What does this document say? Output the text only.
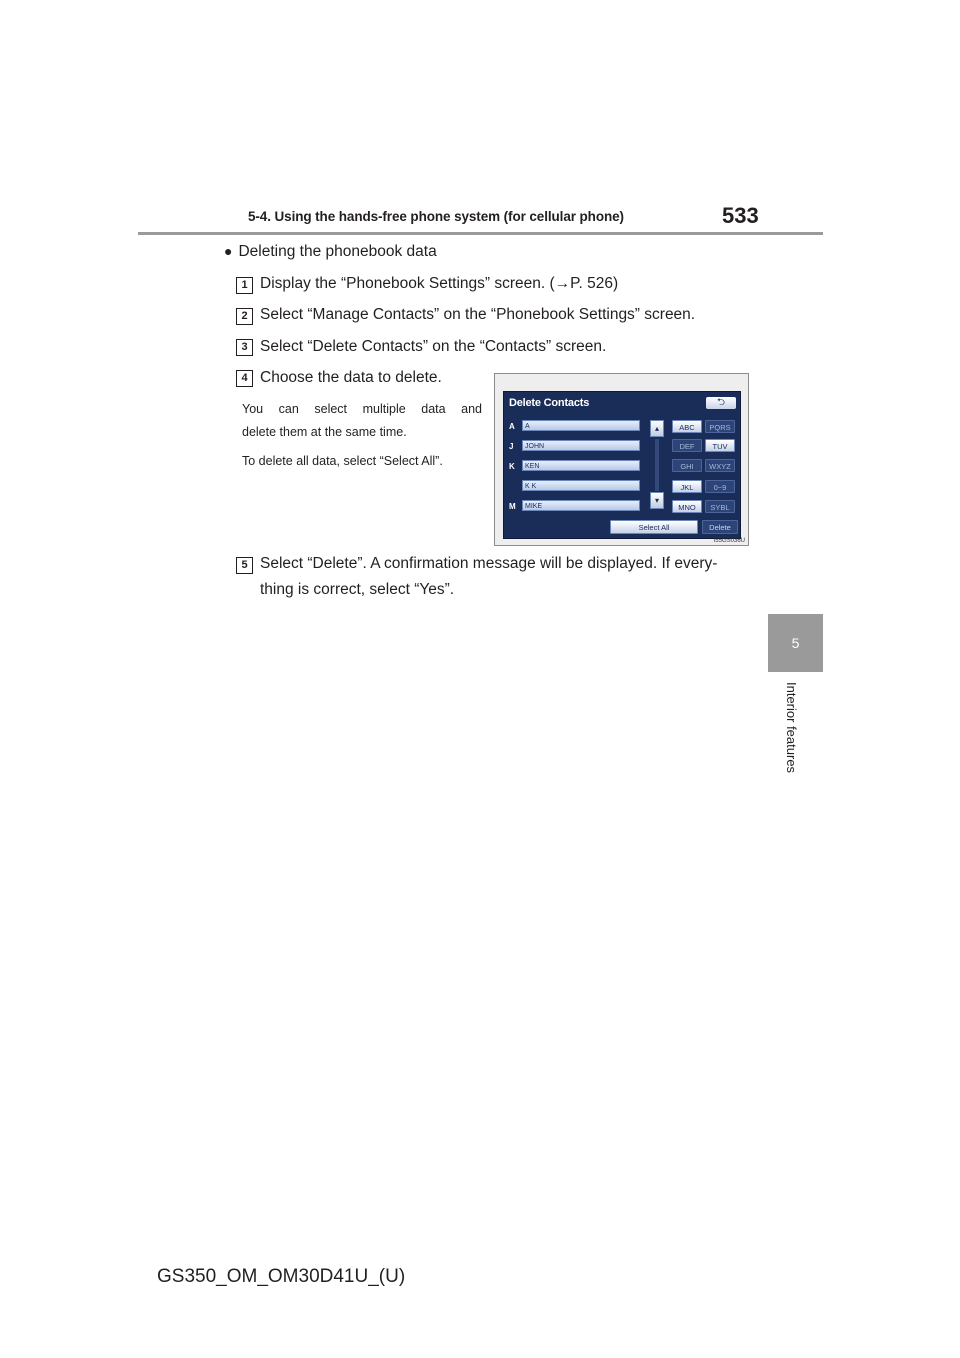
5-4. Using the hands-free phone system (for cellular phone)	533
5
Interior features
● Deleting the phonebook data
1 Display the “Phonebook Settings” screen. (→P. 526)
2 Select “Manage Contacts” on the “Phonebook Settings” screen.
3 Select “Delete Contacts” on the “Contacts” screen.
4 Choose the data to delete.
You can select multiple data and
delete them at the same time.
To delete all data, select “Select All”.
Delete Contacts	⮌
A	A
J	JOHN
K	KEN
K K
M	MIKE
▴
▾
ABC	PQRS
DEF	TUV
GHI	WXYZ
JKL	0~9
MNO	SYBL
Select All	Delete
I55GS036U
5 Select “Delete”. A confirmation message will be displayed. If every-
thing is correct, select “Yes”.
GS350_OM_OM30D41U_(U)
